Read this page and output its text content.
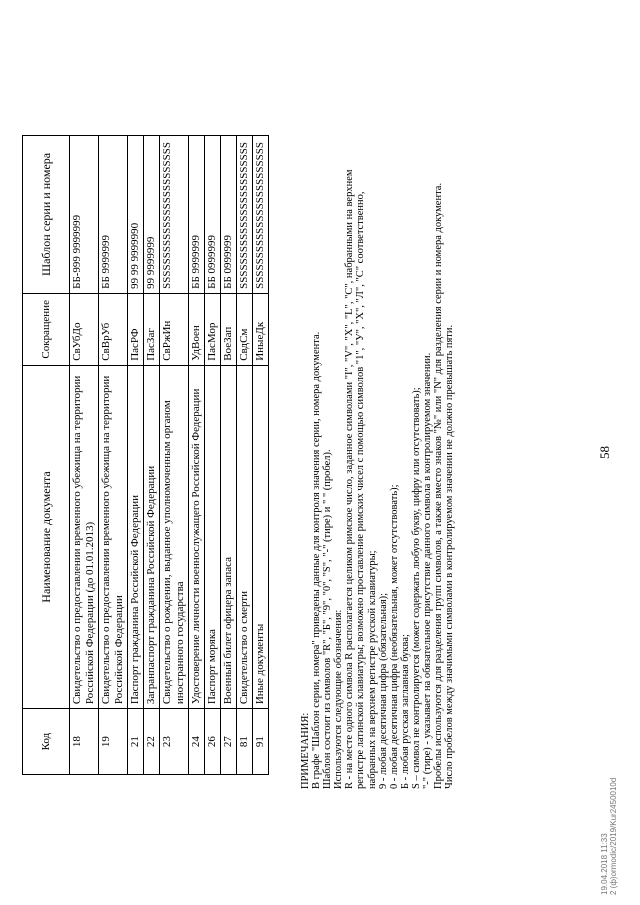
58
Код	Наименование документа	Сокращение	Шаблон серии и номера
18	Свидетельство о предоставлении временного убежища на территории Российской Федерации (до 01.01.2013)	СвУбДо	ББ-999 9999999
19	Свидетельство о предоставлении временного убежища на территории Российской Федерации	СвВрУб	ББ 9999999
21	Паспорт гражданина Российской Федерации	ПасРФ	99 99 9999990
22	Загранпаспорт гражданина Российской Федерации	ПасЗаг	99 9999999
23	Свидетельство о рождении, выданное уполномоченным органом иностранного государства	СвРжИн	SSSSSSSSSSSSSSSSSSSSSSSS
24	Удостоверение личности военнослужащего Российской Федерации	УдВоен	ББ 9999999
26	Паспорт моряка	ПасМор	ББ 0999999
27	Военный билет офицера запаса	ВоеЗап	ББ 0999999
81	Свидетельство о смерти	СвдСм	SSSSSSSSSSSSSSSSSSSSSSSS
91	Иные документы	ИныеДк	SSSSSSSSSSSSSSSSSSSSSSSS

ПРИМЕЧАНИЯ: В графе "Шаблон серии, номера" приведены данные для контроля значения серии, номера документа. Шаблон состоит из символов "R", "Б", "9", "0", "S", "-" (тире) и " " (пробел). Используются следующие обозначения: R - на месте одного символа R располагается целиком римское число, заданное символами "I", "V", "X", "L", "C", набранными на верхнем регистре латинской клавиатуры; возможно проставление римских чисел с помощью символов "1", "У", "Х", "Л", "С" соответственно, набранных на верхнем регистре русской клавиатуры; 9 - любая десятичная цифра (обязательная); 0 - любая десятичная цифра (необязательная, может отсутствовать); Б - любая русская заглавная буква; S – символ не контролируется (может содержать любую букву, цифру или отсутствовать); "-" (тире) - указывает на обязательное присутствие данного символа в контролируемом значении. Пробелы используются для разделения групп символов, а также вместо знаков "№" или "N" для разделения серии и номера документа. Число пробелов между значимыми символами в контролируемом значении не должно превышать пяти.

19.04.2018 11:33 2 (ф)ormodic/2019/Kur2450010d
